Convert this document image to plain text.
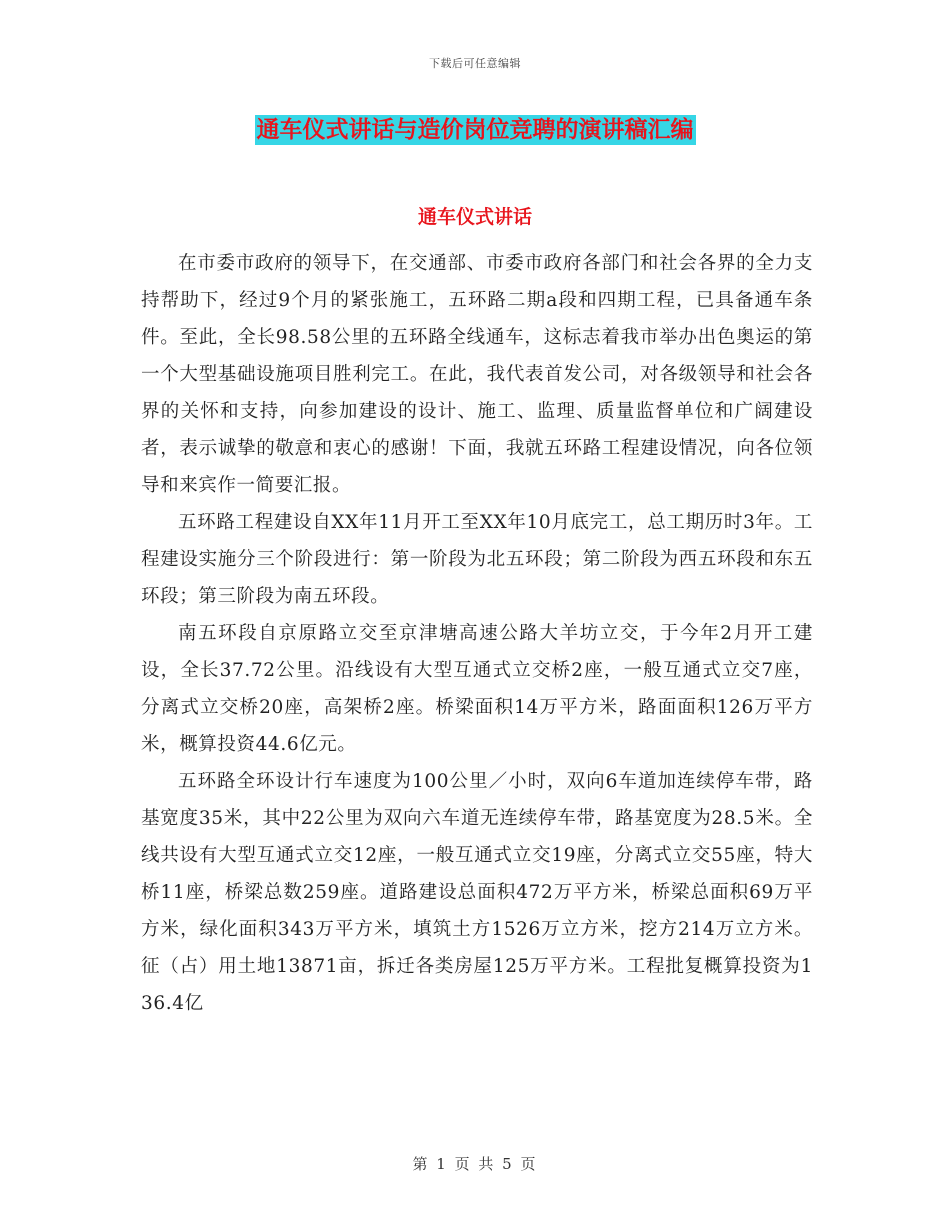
下载后可任意编辑
通车仪式讲话与造价岗位竞聘的演讲稿汇编
通车仪式讲话

在市委市政府的领导下，在交通部、市委市政府各部门和社会各界的全力支持帮助下，经过9个月的紧张施工，五环路二期a段和四期工程，已具备通车条件。至此，全长98.58公里的五环路全线通车，这标志着我市举办出色奥运的第一个大型基础设施项目胜利完工。在此，我代表首发公司，对各级领导和社会各界的关怀和支持，向参加建设的设计、施工、监理、质量监督单位和广阔建设者，表示诚挚的敬意和衷心的感谢！下面，我就五环路工程建设情况，向各位领导和来宾作一简要汇报。

五环路工程建设自XX年11月开工至XX年10月底完工，总工期历时3年。工程建设实施分三个阶段进行：第一阶段为北五环段；第二阶段为西五环段和东五环段；第三阶段为南五环段。

南五环段自京原路立交至京津塘高速公路大羊坊立交，于今年2月开工建设，全长37.72公里。沿线设有大型互通式立交桥2座，一般互通式立交7座，分离式立交桥20座，高架桥2座。桥梁面积14万平方米，路面面积126万平方米，概算投资44.6亿元。

五环路全环设计行车速度为100公里／小时，双向6车道加连续停车带，路基宽度35米，其中22公里为双向六车道无连续停车带，路基宽度为28.5米。全线共设有大型互通式立交12座，一般互通式立交19座，分离式立交55座，特大桥11座，桥梁总数259座。道路建设总面积472万平方米，桥梁总面积69万平方米，绿化面积343万平方米，填筑土方1526万立方米，挖方214万立方米。征（占）用土地13871亩，拆迁各类房屋125万平方米。工程批复概算投资为136.4亿

第 1 页 共 5 页
